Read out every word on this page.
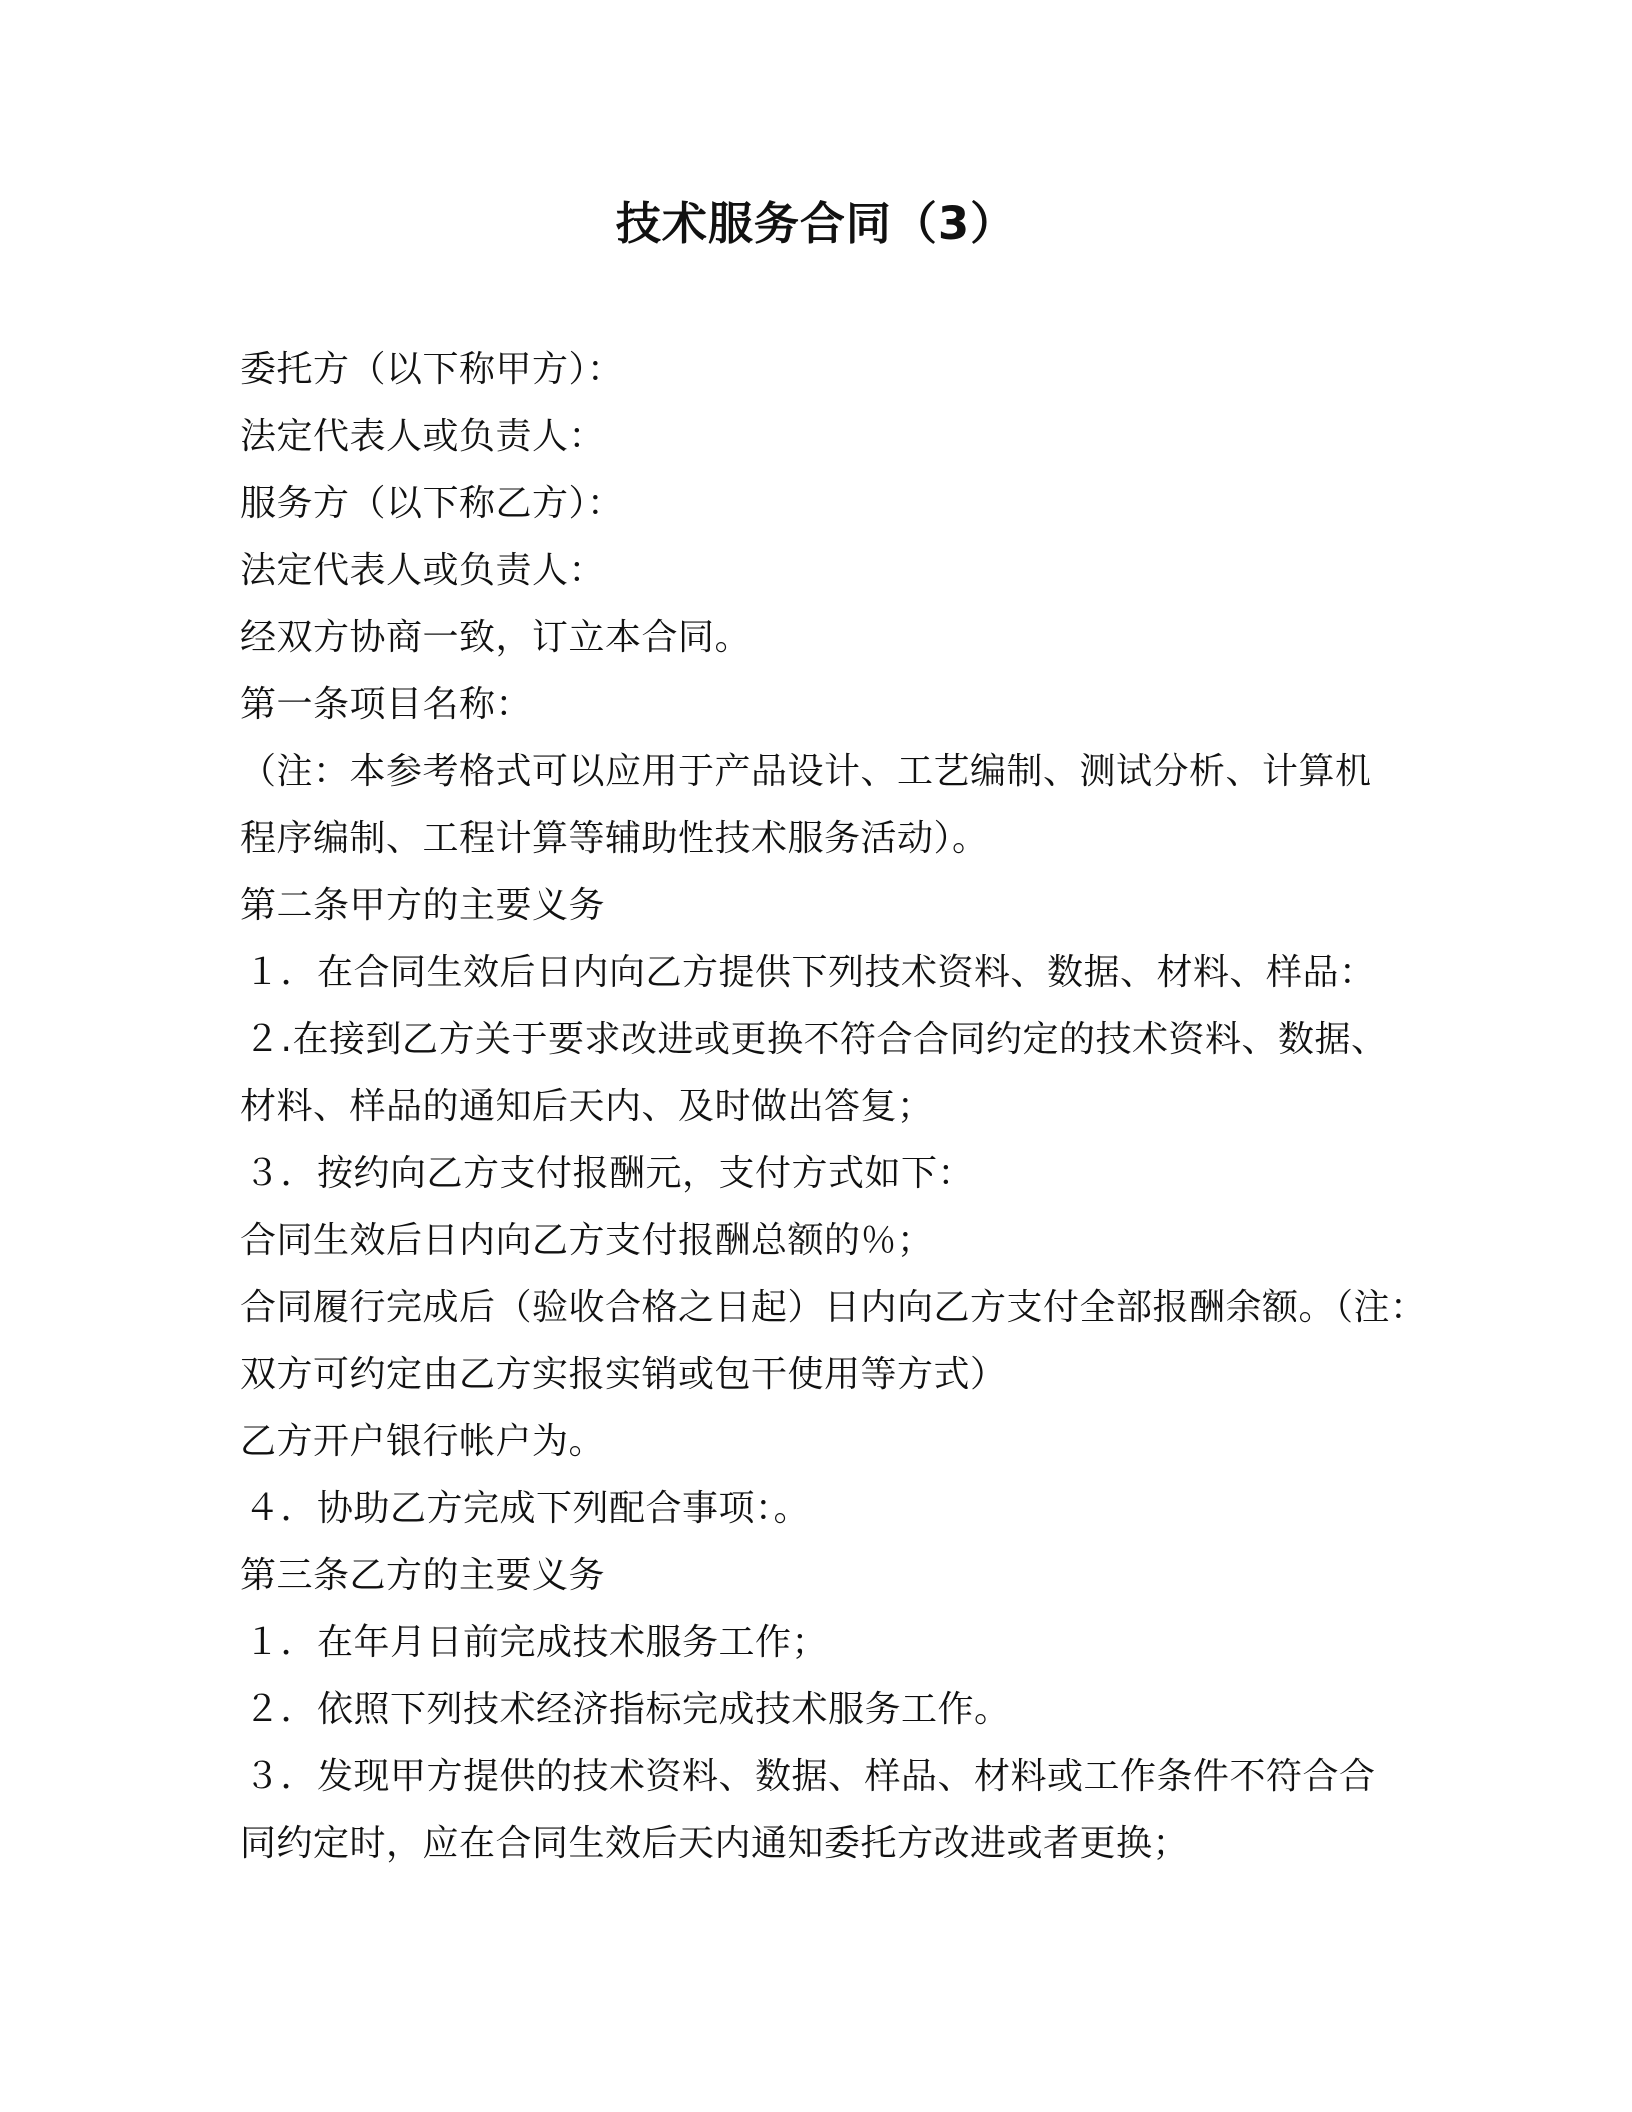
技术服务合同（3）
委托方（以下称甲方）：
法定代表人或负责人：
服务方（以下称乙方）：
法定代表人或负责人：
经双方协商一致，订立本合同。
第一条项目名称：
（注：本参考格式可以应用于产品设计、工艺编制、测试分析、计算机
程序编制、工程计算等辅助性技术服务活动）。
第二条甲方的主要义务
１．在合同生效后日内向乙方提供下列技术资料、数据、材料、样品：
２.在接到乙方关于要求改进或更换不符合合同约定的技术资料、数据、
材料、样品的通知后天内、及时做出答复；
３．按约向乙方支付报酬元，支付方式如下：
合同生效后日内向乙方支付报酬总额的％；
合同履行完成后（验收合格之日起）日内向乙方支付全部报酬余额。（注：
双方可约定由乙方实报实销或包干使用等方式）
乙方开户银行帐户为。
４．协助乙方完成下列配合事项：。
第三条乙方的主要义务
１．在年月日前完成技术服务工作；
２．依照下列技术经济指标完成技术服务工作。
３．发现甲方提供的技术资料、数据、样品、材料或工作条件不符合合
同约定时，应在合同生效后天内通知委托方改进或者更换；
